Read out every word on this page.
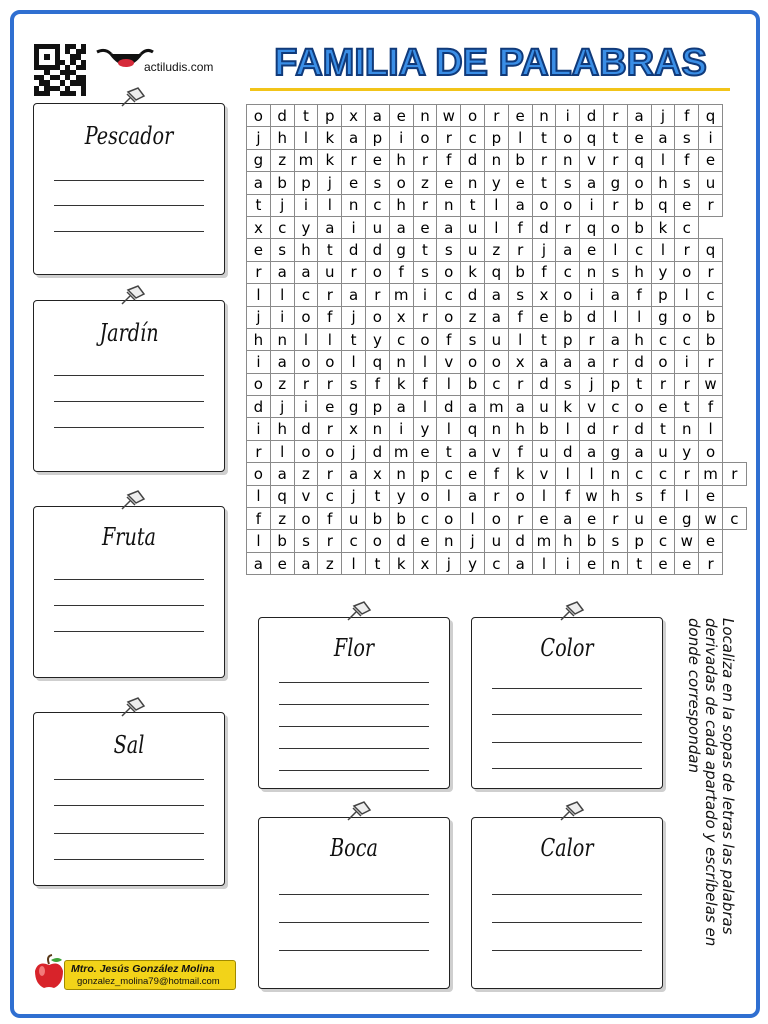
actiludis.com	FAMILIA DE PALABRAS
o	d	t	p	x	a	e	n	w	o	r	e	n	i	d	r	a	j	f	q	
j	h	l	k	a	p	i	o	r	c	p	l	t	o	q	t	e	a	s	i	
g	z	m	k	r	e	h	r	f	d	n	b	r	n	v	r	q	l	f	e	
a	b	p	j	e	s	o	z	e	n	y	e	t	s	a	g	o	h	s	u	
t	j	i	l	n	c	h	r	n	t	l	a	o	o	i	r	b	q	e	r	
x	c	y	a	i	u	a	e	a	u	l	f	d	r	q	o	b	k	c		
e	s	h	t	d	d	g	t	s	u	z	r	j	a	e	l	c	l	r	q	
r	a	a	u	r	o	f	s	o	k	q	b	f	c	n	s	h	y	o	r	
l	l	c	r	a	r	m	i	c	d	a	s	x	o	i	a	f	p	l	c	
j	i	o	f	j	o	x	r	o	z	a	f	e	b	d	l	l	g	o	b	
h	n	l	l	t	y	c	o	f	s	u	l	t	p	r	a	h	c	c	b	
i	a	o	o	l	q	n	l	v	o	o	x	a	a	a	r	d	o	i	r	
o	z	r	r	s	f	k	f	l	b	c	r	d	s	j	p	t	r	r	w	
d	j	i	e	g	p	a	l	d	a	m	a	u	k	v	c	o	e	t	f	
i	h	d	r	x	n	i	y	l	q	n	h	b	l	d	r	d	t	n	l	
r	l	o	o	j	d	m	e	t	a	v	f	u	d	a	g	a	u	y	o	
o	a	z	r	a	x	n	p	c	e	f	k	v	l	l	n	c	c	r	m	r
l	q	v	c	j	t	y	o	l	a	r	o	l	f	w	h	s	f	l	e	
f	z	o	f	u	b	b	c	o	l	o	r	e	a	e	r	u	e	g	w	c
l	b	s	r	c	o	d	e	n	j	u	d	m	h	b	s	p	c	w	e	
a	e	a	z	l	t	k	x	j	y	c	a	l	i	e	n	t	e	e	r	
Pescador
Jardín
Fruta
Sal
Flor	Color
Boca	Calor	Localiza en la sopas de letras las palabras derivadas de cada apartado y escríbelas en donde correspondan
Mtro. Jesús González Molina
gonzalez_molina79@hotmail.com
